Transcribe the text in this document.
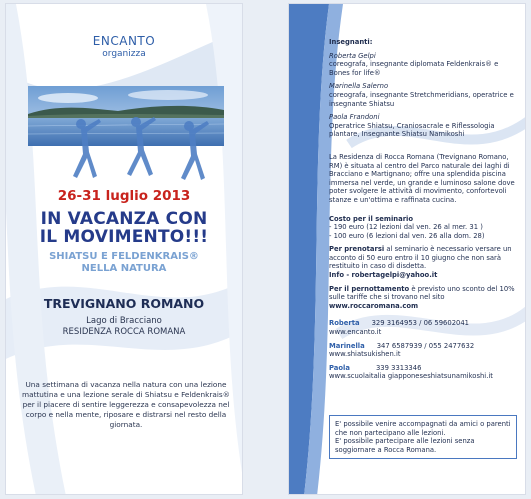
ENCANTO
organizza
26-31 luglio 2013
IN VACANZA CON
IL MOVIMENTO!!!
SHIATSU E FELDENKRAIS®
NELLA NATURA
TREVIGNANO ROMANO
Lago di Bracciano
RESIDENZA ROCCA ROMANA
Una settimana di vacanza nella natura con una lezione mattutina e una lezione serale di Shiatsu e Feldenkrais® per il piacere di sentire leggerezza e consapevolezza nel corpo e nella mente, riposare e distrarsi nel resto della giornata.
Insegnanti:
Roberta Gelpi
coreografa, insegnante diplomata Feldenkrais® e Bones for life®
Marinella Salerno
coreografa, insegnante Stretchmeridians, operatrice e insegnante Shiatsu
Paola Frandoni
Operatrice Shiatsu, Craniosacrale e Riflessologia plantare, Insegnante Shiatsu Namikoshi
La Residenza di Rocca Romana (Trevignano Romano, RM) è situata al centro del Parco naturale dei laghi di Bracciano e Martignano; offre una splendida piscina immersa nel verde, un grande e luminoso salone dove poter svolgere le attività di movimento, confortevoli stanze e un'ottima e raffinata cucina.
Costo per il seminario
- 190 euro (12 lezioni dal ven. 26 al mer. 31 )
- 100 euro (6 lezioni dal ven. 26 alla dom. 28)
Per prenotarsi al seminario è necessario versare un acconto di 50 euro entro il 10 giugno che non sarà restituito in caso di disdetta.
Info - robertagelpi@yahoo.it
Per il pernottamento è previsto uno sconto del 10% sulle tariffe che si trovano nel sito
www.roccaromana.com
Roberta 329 3164953 / 06 59602041
www.encanto.it
Marinella 347 6587939 / 055 2477632
www.shiatsukishen.it
Paola	339 3313346
www.scuolaitalia giapponeseshiatsunamikoshi.it
E' possibile venire accompagnati da amici o parenti che non partecipano alle lezioni.
E' possibile partecipare alle lezioni senza soggiornare a Rocca Romana.
